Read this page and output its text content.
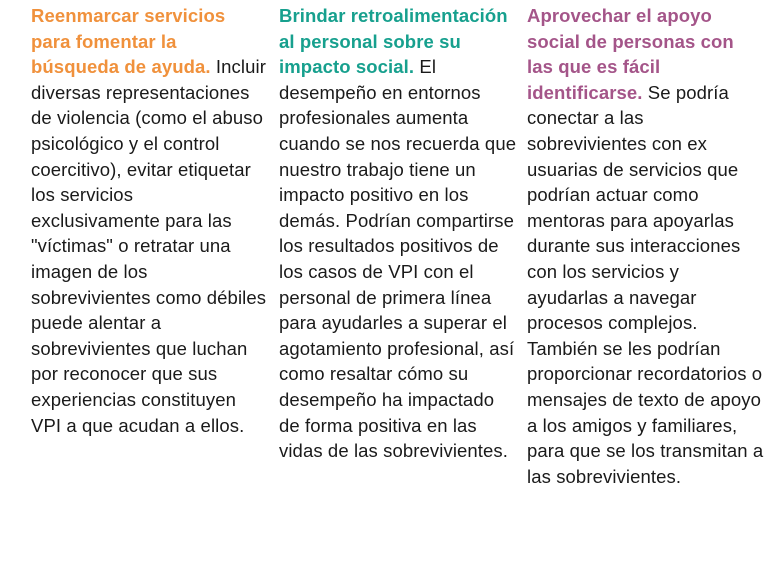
Reenmarcar servicios para fomentar la búsqueda de ayuda. Incluir diversas representaciones de violencia (como el abuso psicológico y el control coercitivo), evitar etiquetar los servicios exclusivamente para las "víctimas" o retratar una imagen de los sobrevivientes como débiles puede alentar a sobrevivientes que luchan por reconocer que sus experiencias constituyen VPI a que acudan a ellos.
Brindar retroalimentación al personal sobre su impacto social. El desempeño en entornos profesionales aumenta cuando se nos recuerda que nuestro trabajo tiene un impacto positivo en los demás. Podrían compartirse los resultados positivos de los casos de VPI con el personal de primera línea para ayudarles a superar el agotamiento profesional, así como resaltar cómo su desempeño ha impactado de forma positiva en las vidas de las sobrevivientes.
Aprovechar el apoyo social de personas con las que es fácil identificarse. Se podría conectar a las sobrevivientes con ex usuarias de servicios que podrían actuar como mentoras para apoyarlas durante sus interacciones con los servicios y ayudarlas a navegar procesos complejos. También se les podrían proporcionar recordatorios o mensajes de texto de apoyo a los amigos y familiares, para que se los transmitan a las sobrevivientes.
